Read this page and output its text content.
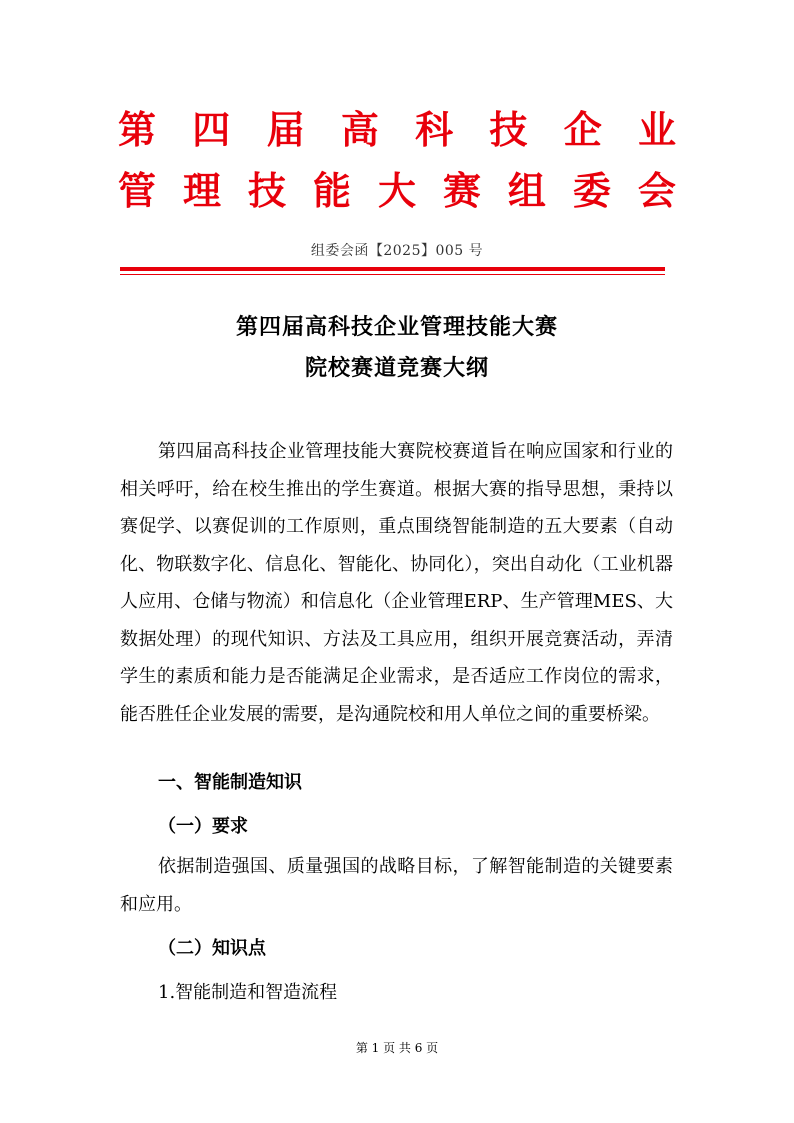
第 四 届 高 科 技 企 业
管 理 技 能 大 赛 组 委 会
组委会函【2025】005 号
第四届高科技企业管理技能大赛
院校赛道竞赛大纲

第四届高科技企业管理技能大赛院校赛道旨在响应国家和行业的相关呼吁，给在校生推出的学生赛道。根据大赛的指导思想，秉持以赛促学、以赛促训的工作原则，重点围绕智能制造的五大要素（自动化、物联数字化、信息化、智能化、协同化），突出自动化（工业机器人应用、仓储与物流）和信息化（企业管理ERP、生产管理MES、大数据处理）的现代知识、方法及工具应用，组织开展竞赛活动，弄清学生的素质和能力是否能满足企业需求，是否适应工作岗位的需求，能否胜任企业发展的需要，是沟通院校和用人单位之间的重要桥梁。

一、智能制造知识

（一）要求

依据制造强国、质量强国的战略目标，了解智能制造的关键要素和应用。

（二）知识点

1.智能制造和智造流程

第 1 页 共 6 页
